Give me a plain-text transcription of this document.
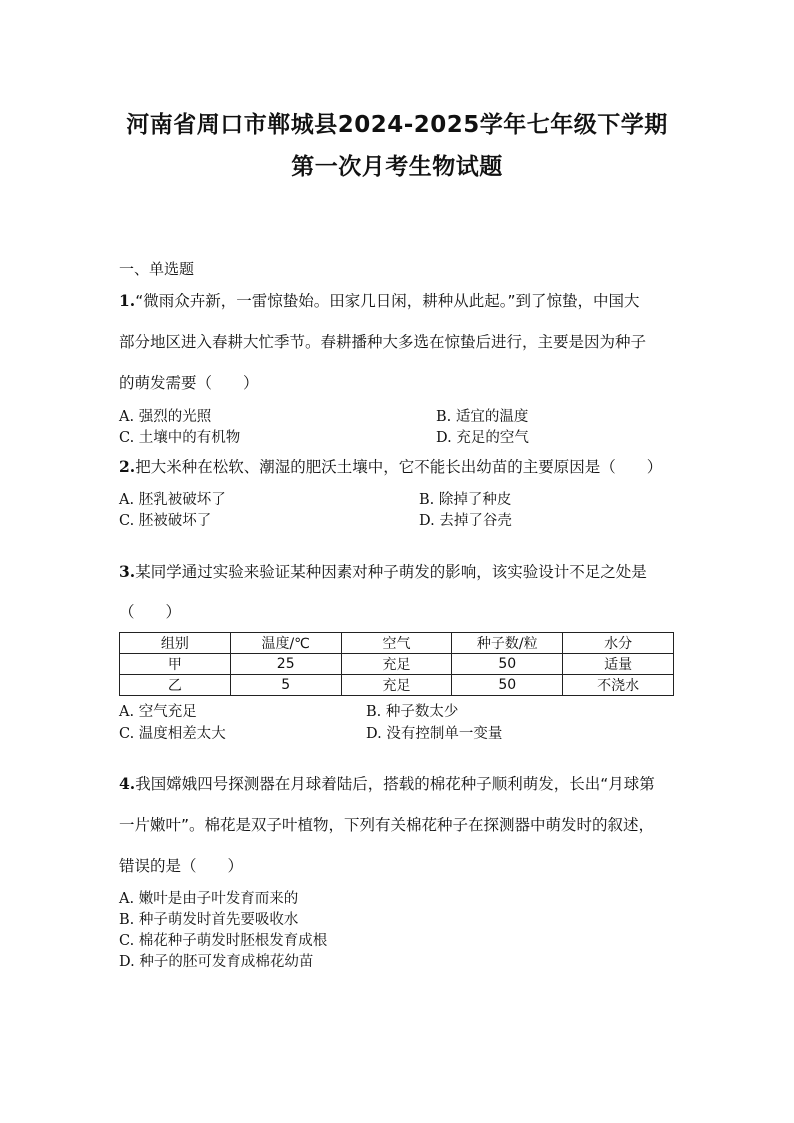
河南省周口市郸城县2024-2025学年七年级下学期
第一次月考生物试题
一、单选题
1.“微雨众卉新，一雷惊蛰始。田家几日闲，耕种从此起。”到了惊蛰，中国大
部分地区进入春耕大忙季节。春耕播种大多选在惊蛰后进行，主要是因为种子
的萌发需要（　　）
A. 强烈的光照	B. 适宜的温度
C. 土壤中的有机物	D. 充足的空气
2.把大米种在松软、潮湿的肥沃土壤中，它不能长出幼苗的主要原因是（　　）
A. 胚乳被破坏了	B. 除掉了种皮
C. 胚被破坏了	D. 去掉了谷壳
3.某同学通过实验来验证某种因素对种子萌发的影响，该实验设计不足之处是
（　　）
组别	温度/℃	空气	种子数/粒	水分
甲	25	充足	50	适量
乙	5	充足	50	不浇水
A. 空气充足	B. 种子数太少
C. 温度相差太大	D. 没有控制单一变量
4.我国嫦娥四号探测器在月球着陆后，搭载的棉花种子顺利萌发，长出“月球第
一片嫩叶”。棉花是双子叶植物，下列有关棉花种子在探测器中萌发时的叙述，
错误的是（　　）
A. 嫩叶是由子叶发育而来的
B. 种子萌发时首先要吸收水
C. 棉花种子萌发时胚根发育成根
D. 种子的胚可发育成棉花幼苗
